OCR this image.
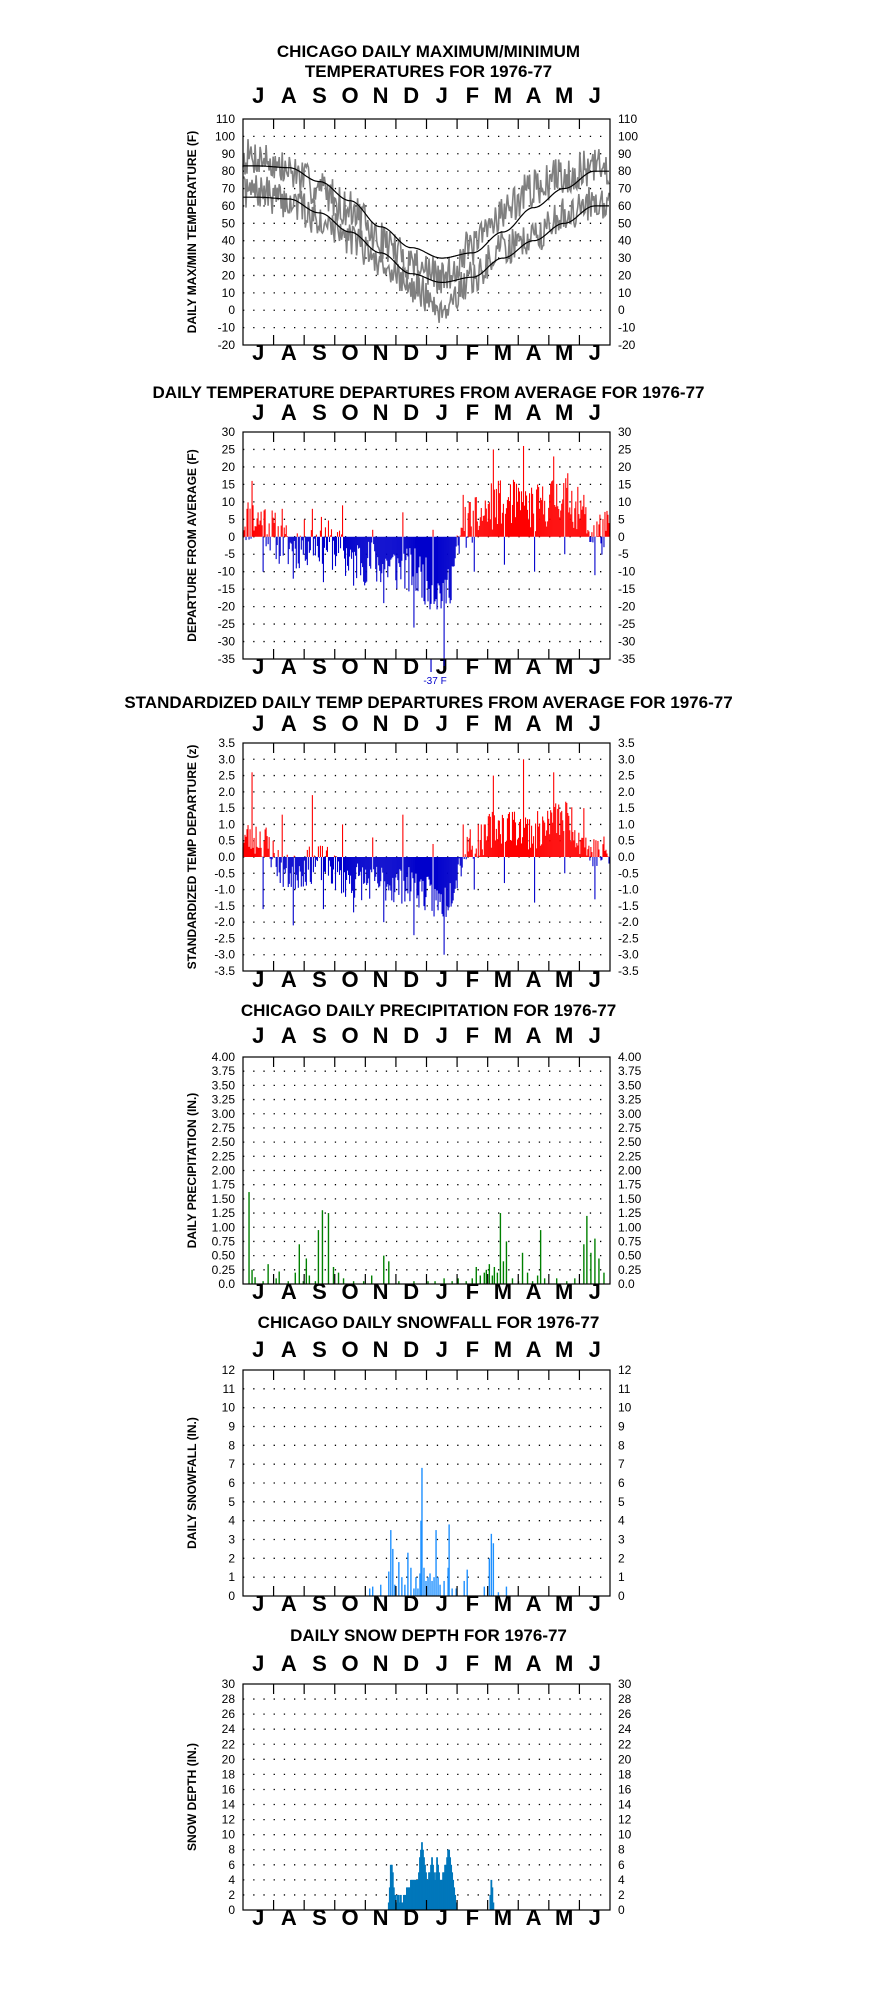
CHICAGO DAILY MAXIMUM/MINIMUM
TEMPERATURES FOR 1976-77
J
J
A
A
S
S
O
O
N
N
D
D
J
J
F
F
M
M
A
A
M
M
J
J
110	110
100	100
90	90
80	80
70	70
60	60
50	50
40	40
30	30
20	20
10	10
0	0
-10	-10
-20	-20
DAILY MAX/MIN TEMPERATURE (F)
DAILY TEMPERATURE DEPARTURES FROM AVERAGE FOR 1976-77
J
J
A
A
S
S
O
O
N
N
D
D
J
J
F
F
M
M
A
A
M
M
J
J
30	30
25	25
20	20
15	15
10	10
5	5
0	0
-5	-5
-10	-10
-15	-15
-20	-20
-25	-25
-30	-30
-35	-35
DEPARTURE FROM AVERAGE (F)
-37 F
STANDARDIZED DAILY TEMP DEPARTURES FROM AVERAGE FOR 1976-77
J
J
A
A
S
S
O
O
N
N
D
D
J
J
F
F
M
M
A
A
M
M
J
J
3.5	3.5
3.0	3.0
2.5	2.5
2.0	2.0
1.5	1.5
1.0	1.0
0.5	0.5
0.0	0.0
-0.5	-0.5
-1.0	-1.0
-1.5	-1.5
-2.0	-2.0
-2.5	-2.5
-3.0	-3.0
-3.5	-3.5
STANDARDIZED TEMP DEPARTURE (z)
CHICAGO DAILY PRECIPITATION FOR 1976-77
J
J
A
A
S
S
O
O
N
N
D
D
J
J
F
F
M
M
A
A
M
M
J
J
4.00	4.00
3.75	3.75
3.50	3.50
3.25	3.25
3.00	3.00
2.75	2.75
2.50	2.50
2.25	2.25
2.00	2.00
1.75	1.75
1.50	1.50
1.25	1.25
1.00	1.00
0.75	0.75
0.50	0.50
0.25	0.25
0.0	0.0
DAILY PRECIPITATION (IN.)
CHICAGO DAILY SNOWFALL FOR 1976-77
J
J
A
A
S
S
O
O
N
N
D
D
J
J
F
F
M
M
A
A
M
M
J
J
12	12
11	11
10	10
9	9
8	8
7	7
6	6
5	5
4	4
3	3
2	2
1	1
0	0
DAILY SNOWFALL (IN.)
DAILY SNOW DEPTH FOR 1976-77
J
J
A
A
S
S
O
O
N
N
D
D
J
J
F
F
M
M
A
A
M
M
J
J
30	30
28	28
26	26
24	24
22	22
20	20
18	18
16	16
14	14
12	12
10	10
8	8
6	6
4	4
2	2
0	0
SNOW DEPTH (IN.)
